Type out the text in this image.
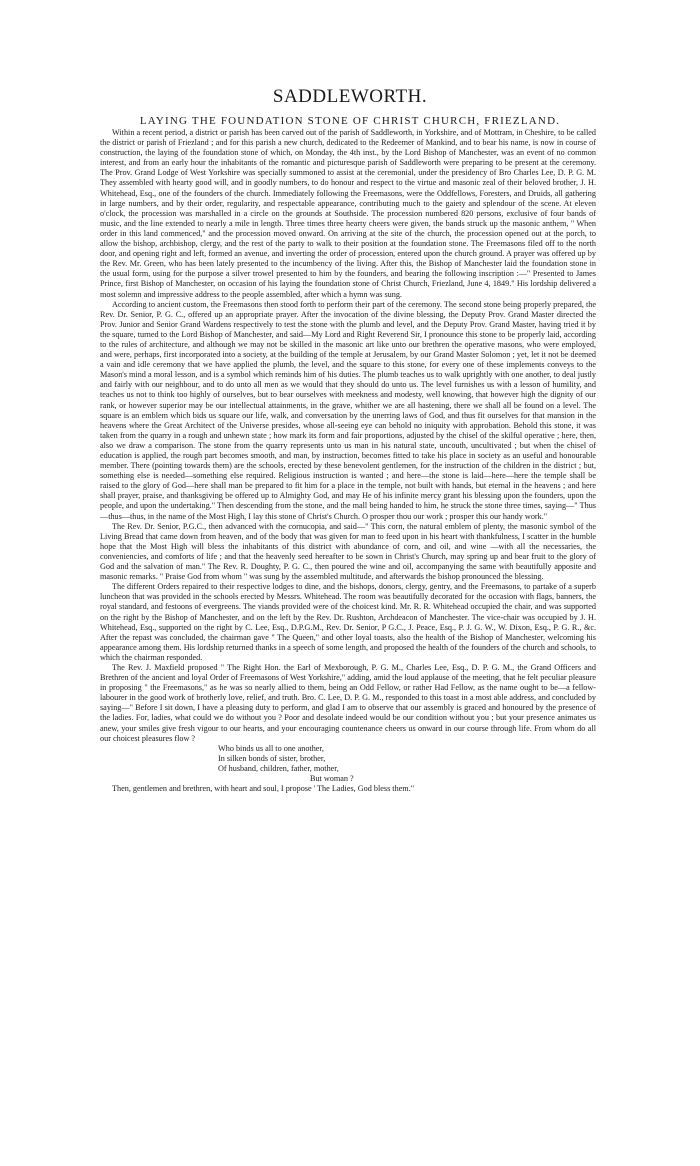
SADDLEWORTH.
LAYING THE FOUNDATION STONE OF CHRIST CHURCH, FRIEZLAND.

Within a recent period, a district or parish has been carved out of the parish of Saddleworth, in Yorkshire, and of Mottram, in Cheshire, to be called the district or parish of Friezland ; and for this parish a new church, dedicated to the Redeemer of Mankind, and to bear his name, is now in course of construction, the laying of the foundation stone of which, on Monday, the 4th inst., by the Lord Bishop of Manchester, was an event of no common interest, and from an early hour the inhabitants of the romantic and picturesque parish of Saddleworth were preparing to be present at the ceremony. The Prov. Grand Lodge of West Yorkshire was specially summoned to assist at the ceremonial, under the presidency of Bro Charles Lee, D. P. G. M. They assembled with hearty good will, and in goodly numbers, to do honour and respect to the virtue and masonic zeal of their beloved brother, J. H. Whitehead, Esq., one of the founders of the church. Immediately following the Freemasons, were the Oddfellows, Foresters, and Druids, all gathering in large numbers, and by their order, regularity, and respectable appearance, contributing much to the gaiety and splendour of the scene. At eleven o'clock, the procession was marshalled in a circle on the grounds at Southside. The procession numbered 820 persons, exclusive of four bands of music, and the line extended to nearly a mile in length. Three times three hearty cheers were given, the bands struck up the masonic anthem, " When order in this land commenced," and the procession moved onward. On arriving at the site of the church, the procession opened out at the porch, to allow the bishop, archbishop, clergy, and the rest of the party to walk to their position at the foundation stone. The Freemasons filed off to the north door, and opening right and left, formed an avenue, and inverting the order of procession, entered upon the church ground. A prayer was offered up by the Rev. Mr. Green, who has been lately presented to the incumbency of the living. After this, the Bishop of Manchester laid the foundation stone in the usual form, using for the purpose a silver trowel presented to him by the founders, and bearing the following inscription :—" Presented to James Prince, first Bishop of Manchester, on occasion of his laying the foundation stone of Christ Church, Friezland, June 4, 1849." His lordship delivered a most solemn and impressive address to the people assembled, after which a hymn was sung.

According to ancient custom, the Freemasons then stood forth to perform their part of the ceremony. The second stone being properly prepared, the Rev. Dr. Senior, P. G. C., offered up an appropriate prayer. After the invocation of the divine blessing, the Deputy Prov. Grand Master directed the Prov. Junior and Senior Grand Wardens respectively to test the stone with the plumb and level, and the Deputy Prov. Grand Master, having tried it by the square, turned to the Lord Bishop of Manchester, and said—My Lord and Right Reverend Sir, I pronounce this stone to be properly laid, according to the rules of architecture, and although we may not be skilled in the masonic art like unto our brethren the operative masons, who were employed, and were, perhaps, first incorporated into a society, at the building of the temple at Jerusalem, by our Grand Master Solomon ; yet, let it not be deemed a vain and idle ceremony that we have applied the plumb, the level, and the square to this stone, for every one of these implements conveys to the Mason's mind a moral lesson, and is a symbol which reminds him of his duties. The plumb teaches us to walk uprightly with one another, to deal justly and fairly with our neighbour, and to do unto all men as we would that they should do unto us. The level furnishes us with a lesson of humility, and teaches us not to think too highly of ourselves, but to bear ourselves with meekness and modesty, well knowing, that however high the dignity of our rank, or however superior may be our intellectual attainments, in the grave, whither we are all hastening, there we shall all be found on a level. The square is an emblem which bids us square our life, walk, and conversation by the unerring laws of God, and thus fit ourselves for that mansion in the heavens where the Great Architect of the Universe presides, whose all-seeing eye can behold no iniquity with approbation. Behold this stone, it was taken from the quarry in a rough and unhewn state ; how mark its form and fair proportions, adjusted by the chisel of the skilful operative ; here, then, also we draw a comparison. The stone from the quarry represents unto us man in his natural state, uncouth, uncultivated ; but when the chisel of education is applied, the rough part becomes smooth, and man, by instruction, becomes fitted to take his place in society as an useful and honourable member. There (pointing towards them) are the schools, erected by these benevolent gentlemen, for the instruction of the children in the district ; but, something else is needed—something else required. Religious instruction is wanted ; and here—the stone is laid—here—here the temple shall be raised to the glory of God—here shall man be prepared to fit him for a place in the temple, not built with hands, but eternal in the heavens ; and here shall prayer, praise, and thanksgiving be offered up to Almighty God, and may He of his infinite mercy grant his blessing upon the founders, upon the people, and upon the undertaking." Then descending from the stone, and the mall being handed to him, he struck the stone three times, saying—" Thus—thus—thus, in the name of the Most High, I lay this stone of Christ's Church. O prosper thou our work ; prosper this our handy work."

The Rev. Dr. Senior, P.G.C., then advanced with the cornucopia, and said—" This corn, the natural emblem of plenty, the masonic symbol of the Living Bread that came down from heaven, and of the body that was given for man to feed upon in his heart with thankfulness, I scatter in the humble hope that the Most High will bless the inhabitants of this district with abundance of corn, and oil, and wine —with all the necessaries, the conveniencies, and comforts of life ; and that the heavenly seed hereafter to be sown in Christ's Church, may spring up and bear fruit to the glory of God and the salvation of man." The Rev. R. Doughty, P. G. C., then poured the wine and oil, accompanying the same with beautifully apposite and masonic remarks. " Praise God from whom " was sung by the assembled multitude, and afterwards the bishop pronounced the blessing.

The different Orders repaired to their respective lodges to dine, and the bishops, donors, clergy, gentry, and the Freemasons, to partake of a superb luncheon that was provided in the schools erected by Messrs. Whitehead. The room was beautifully decorated for the occasion with flags, banners, the royal standard, and festoons of evergreens. The viands provided were of the choicest kind. Mr. R. R. Whitehead occupied the chair, and was supported on the right by the Bishop of Manchester, and on the left by the Rev. Dr. Rushton, Archdeacon of Manchester. The vice-chair was occupied by J. H. Whitehead, Esq., supported on the right by C. Lee, Esq., D.P.G.M., Rev. Dr. Senior, P G.C., J. Peace, Esq., P. J. G. W., W. Dixon, Esq., P. G. R., &c. After the repast was concluded, the chairman gave " The Queen," and other loyal toasts, also the health of the Bishop of Manchester, welcoming his appearance among them. His lordship returned thanks in a speech of some length, and proposed the health of the founders of the church and schools, to which the chairman responded.

The Rev. J. Maxfield proposed " The Right Hon. the Earl of Mexborough, P. G. M., Charles Lee, Esq., D. P. G. M., the Grand Officers and Brethren of the ancient and loyal Order of Freemasons of West Yorkshire," adding, amid the loud applause of the meeting, that he felt peculiar pleasure in proposing " the Freemasons," as he was so nearly allied to them, being an Odd Fellow, or rather Had Fellow, as the name ought to be—a fellow-labourer in the good work of brotherly love, relief, and truth. Bro. C. Lee, D. P. G. M., responded to this toast in a most able address, and concluded by saying—" Before I sit down, I have a pleasing duty to perform, and glad I am to observe that our assembly is graced and honoured by the presence of the ladies. For, ladies, what could we do without you ? Poor and desolate indeed would be our condition without you ; but your presence animates us anew, your smiles give fresh vigour to our hearts, and your encouraging countenance cheers us onward in our course through life. From whom do all our choicest pleasures flow ?

Who binds us all to one another,
In silken bonds of sister, brother,
Of husband, children, father, mother,
But woman ?

Then, gentlemen and brethren, with heart and soul, I propose ' The Ladies, God bless them."
